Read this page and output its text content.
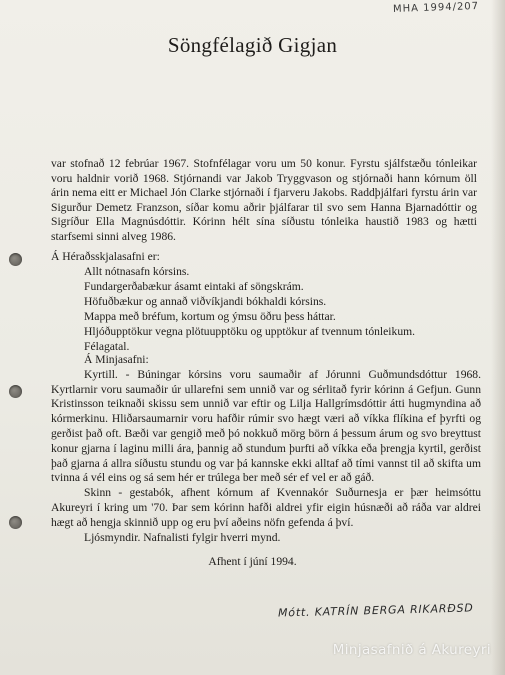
MHA 1994/207
Söngfélagið Gigjan
var stofnað 12 febrúar 1967. Stofnfélagar voru um 50 konur. Fyrstu sjálfstæðu tónleikar voru haldnir vorið 1968. Stjórnandi var Jakob Tryggvason og stjórnaði hann kórnum öll árin nema eitt er Michael Jón Clarke stjórnaði í fjarveru Jakobs. Raddþjálfari fyrstu árin var Sigurður Demetz Franzson, síðar komu aðrir þjálfarar til svo sem Hanna Bjarnadóttir og Sigríður Ella Magnúsdóttir. Kórinn hélt sína síðustu tónleika haustið 1983 og hætti starfsemi sinni alveg 1986.

Á Héraðsskjalasafni er:

Allt nótnasafn kórsins.
Fundargerðabækur ásamt eintaki af söngskrám.
Höfuðbækur og annað viðvíkjandi bókhaldi kórsins.
Mappa með bréfum, kortum og ýmsu öðru þess háttar.
Hljóðupptökur vegna plötuupptöku og upptökur af tvennum tónleikum.
Félagatal.

Á Minjasafni:

Kyrtill. - Búningar kórsins voru saumaðir af Jórunni Guðmundsdóttur 1968. Kyrtlarnir voru saumaðir úr ullarefni sem unnið var og sérlitað fyrir kórinn á Gefjun. Gunn Kristinsson teiknaði skissu sem unnið var eftir og Lilja Hallgrímsdóttir átti hugmyndina að kórmerkinu. Hliðarsaumarnir voru hafðir rúmir svo hægt væri að víkka flíkina ef þyrfti og gerðist það oft. Bæði var gengið með þó nokkuð mörg börn á þessum árum og svo breyttust konur gjarna í laginu milli ára, þannig að stundum þurfti að víkka eða þrengja kyrtil, gerðist það gjarna á allra síðustu stundu og var þá kannske ekki alltaf að tími vannst til að skifta um tvinna á vél eins og sá sem hér er trúlega ber með sér ef vel er að gáð.

Skinn - gestabók, afhent kórnum af Kvennakór Suðurnesja er þær heimsóttu Akureyri í kring um '70. Þar sem kórinn hafði aldrei yfir eigin húsnæði að ráða var aldrei hægt að hengja skinnið upp og eru því aðeins nöfn gefenda á því.

Ljósmyndir. Nafnalisti fylgir hverri mynd.

Afhent í júní 1994.
Mótt. KATRÍN BERGA RIKARÐSD
Minjasafnið á Akureyri
